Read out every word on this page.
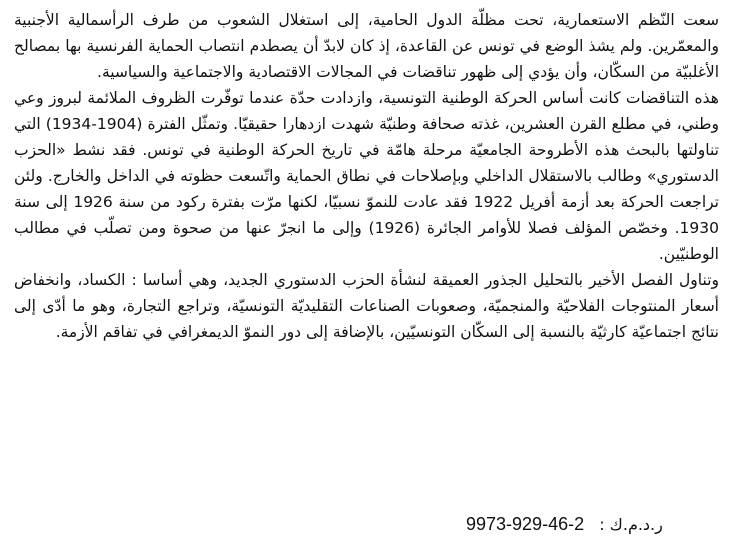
سعت النّظم الاستعمارية، تحت مظلّة الدول الحامية، إلى استغلال الشعوب من طرف الرأسمالية الأجنبية والمعمّرين. ولم يشذ الوضع في تونس عن القاعدة، إذ كان لابدّ أن يصطدم انتصاب الحماية الفرنسية بها بمصالح الأغلبيّة من السكّان، وأن يؤدي إلى ظهور تناقضات في المجالات الاقتصادية والاجتماعية والسياسية.

هذه التناقضات كانت أساس الحركة الوطنية التونسية، وازدادت حدّة عندما توفّرت الظروف الملائمة لبروز وعي وطني، في مطلع القرن العشرين، غذته صحافة وطنيّة شهدت ازدهارا حقيقيّا. وتمثّل الفترة (1904-1934) التي تناولتها بالبحث هذه الأطروحة الجامعيّة مرحلة هامّة في تاريخ الحركة الوطنية في تونس. فقد نشط «الحزب الدستوري» وطالب بالاستقلال الداخلي وبإصلاحات في نطاق الحماية واتّسعت حظوته في الداخل والخارج. ولئن تراجعت الحركة بعد أزمة أفريل 1922 فقد عادت للنموّ نسبيّا، لكنها مرّت بفترة ركود من سنة 1926 إلى سنة 1930. وخصّص المؤلف فصلا للأوامر الجائرة (1926) وإلى ما انجرّ عنها من صحوة ومن تصلّب في مطالب الوطنيّين.

وتناول الفصل الأخير بالتحليل الجذور العميقة لنشأة الحزب الدستوري الجديد، وهي أساسا : الكساد، وانخفاض أسعار المنتوجات الفلاحيّة والمنجميّة، وصعوبات الصناعات التقليديّة التونسيّة، وتراجع التجارة، وهو ما أدّى إلى نتائج اجتماعيّة كارثيّة بالنسبة إلى السكّان التونسيّين، بالإضافة إلى دور النموّ الديمغرافي في تفاقم الأزمة.

ر.د.م.ك : 9973-929-46-2
